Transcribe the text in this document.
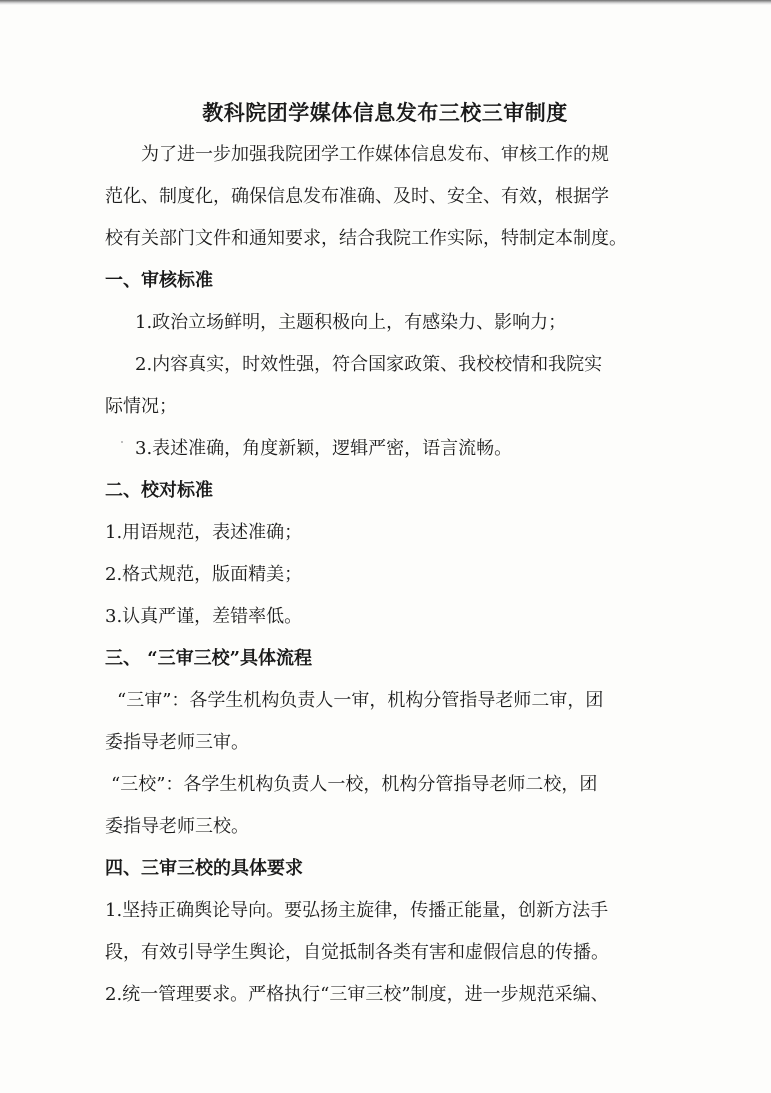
教科院团学媒体信息发布三校三审制度

为了进一步加强我院团学工作媒体信息发布、审核工作的规

范化、制度化，确保信息发布准确、及时、安全、有效，根据学

校有关部门文件和通知要求，结合我院工作实际，特制定本制度。

一、审核标准

1.政治立场鲜明，主题积极向上，有感染力、影响力；

2.内容真实，时效性强，符合国家政策、我校校情和我院实

际情况；

3.表述准确，角度新颖，逻辑严密，语言流畅。

二、校对标准

1.用语规范，表述准确；

2.格式规范，版面精美；

3.认真严谨，差错率低。

三、 “三审三校”具体流程

“三审”：各学生机构负责人一审，机构分管指导老师二审，团

委指导老师三审。

“三校”：各学生机构负责人一校，机构分管指导老师二校，团

委指导老师三校。

四、三审三校的具体要求

1.坚持正确舆论导向。要弘扬主旋律，传播正能量，创新方法手

段，有效引导学生舆论，自觉抵制各类有害和虚假信息的传播。

2.统一管理要求。严格执行“三审三校”制度，进一步规范采编、
